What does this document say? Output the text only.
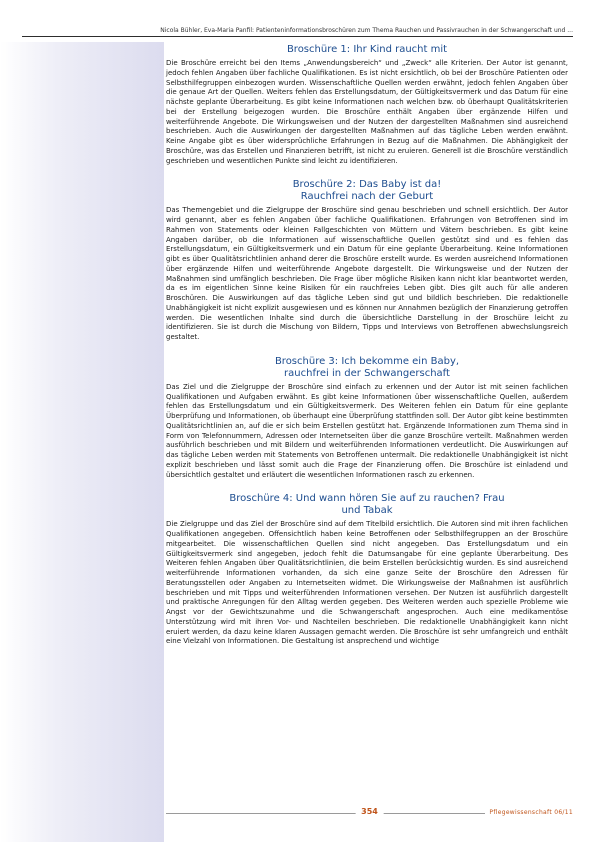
Nicola Bühler, Eva-Maria Panfil: Patienteninformationsbroschüren zum Thema Rauchen und Passivrauchen in der Schwangerschaft und ...
Broschüre 1: Ihr Kind raucht mit

Die Broschüre erreicht bei den Items „Anwendungsbereich“ und „Zweck“ alle Kriterien. Der Autor ist genannt, jedoch fehlen Angaben über fachliche Qualifikationen. Es ist nicht ersichtlich, ob bei der Broschüre Patienten oder Selbsthilfegruppen einbezogen wurden. Wissenschaftliche Quellen werden erwähnt, jedoch fehlen Angaben über die genaue Art der Quellen. Weiters fehlen das Erstellungsdatum, der Gültigkeitsvermerk und das Datum für eine nächste geplante Überarbeitung. Es gibt keine Informationen nach welchen bzw. ob überhaupt Qualitätskriterien bei der Erstellung beigezogen wurden. Die Broschüre enthält Angaben über ergänzende Hilfen und weiterführende Angebote. Die Wirkungsweisen und der Nutzen der dargestellten Maßnahmen sind ausreichend beschrieben. Auch die Auswirkungen der dargestellten Maßnahmen auf das tägliche Leben werden erwähnt. Keine Angabe gibt es über widersprüchliche Erfahrungen in Bezug auf die Maßnahmen. Die Abhängigkeit der Broschüre, was das Erstellen und Finanzieren betrifft, ist nicht zu eruieren. Generell ist die Broschüre verständlich geschrieben und wesentlichen Punkte sind leicht zu identifizieren.

Broschüre 2: Das Baby ist da! Rauchfrei nach der Geburt

Das Themengebiet und die Zielgruppe der Broschüre sind genau beschrieben und schnell ersichtlich. Der Autor wird genannt, aber es fehlen Angaben über fachliche Qualifikationen. Erfahrungen von Betroffenen sind im Rahmen von Statements oder kleinen Fallgeschichten von Müttern und Vätern beschrieben. Es gibt keine Angaben darüber, ob die Informationen auf wissenschaftliche Quellen gestützt sind und es fehlen das Erstellungsdatum, ein Gültigkeitsvermerk und ein Datum für eine geplante Überarbeitung. Keine Informationen gibt es über Qualitätsrichtlinien anhand derer die Broschüre erstellt wurde. Es werden ausreichend Informationen über ergänzende Hilfen und weiterführende Angebote dargestellt. Die Wirkungsweise und der Nutzen der Maßnahmen sind umfänglich beschrieben. Die Frage über mögliche Risiken kann nicht klar beantwortet werden, da es im eigentlichen Sinne keine Risiken für ein rauchfreies Leben gibt. Dies gilt auch für alle anderen Broschüren. Die Auswirkungen auf das tägliche Leben sind gut und bildlich beschrieben. Die redaktionelle Unabhängigkeit ist nicht explizit ausgewiesen und es können nur Annahmen bezüglich der Finanzierung getroffen werden. Die wesentlichen Inhalte sind durch die übersichtliche Darstellung in der Broschüre leicht zu identifizieren. Sie ist durch die Mischung von Bildern, Tipps und Interviews von Betroffenen abwechslungsreich gestaltet.

Broschüre 3: Ich bekomme ein Baby, rauchfrei in der Schwangerschaft

Das Ziel und die Zielgruppe der Broschüre sind einfach zu erkennen und der Autor ist mit seinen fachlichen Qualifikationen und Aufgaben erwähnt. Es gibt keine Informationen über wissenschaftliche Quellen, außerdem fehlen das Erstellungsdatum und ein Gültigkeitsvermerk. Des Weiteren fehlen ein Datum für eine geplante Überprüfung und Informationen, ob überhaupt eine Überprüfung stattfinden soll. Der Autor gibt keine bestimmten Qualitätsrichtlinien an, auf die er sich beim Erstellen gestützt hat. Ergänzende Informationen zum Thema sind in Form von Telefonnummern, Adressen oder Internetseiten über die ganze Broschüre verteilt. Maßnahmen werden ausführlich beschrieben und mit Bildern und weiterführenden Informationen verdeutlicht. Die Auswirkungen auf das tägliche Leben werden mit Statements von Betroffenen untermalt. Die redaktionelle Unabhängigkeit ist nicht explizit beschrieben und lässt somit auch die Frage der Finanzierung offen. Die Broschüre ist einladend und übersichtlich gestaltet und erläutert die wesentlichen Informationen rasch zu erkennen.

Broschüre 4: Und wann hören Sie auf zu rauchen? Frau und Tabak

Die Zielgruppe und das Ziel der Broschüre sind auf dem Titelbild ersichtlich. Die Autoren sind mit ihren fachlichen Qualifikationen angegeben. Offensichtlich haben keine Betroffenen oder Selbsthilfegruppen an der Broschüre mitgearbeitet. Die wissenschaftlichen Quellen sind nicht angegeben. Das Erstellungsdatum und ein Gültigkeitsvermerk sind angegeben, jedoch fehlt die Datumsangabe für eine geplante Überarbeitung. Des Weiteren fehlen Angaben über Qualitätsrichtlinien, die beim Erstellen berücksichtig wurden. Es sind ausreichend weiterführende Informationen vorhanden, da sich eine ganze Seite der Broschüre den Adressen für Beratungsstellen oder Angaben zu Internetseiten widmet. Die Wirkungsweise der Maßnahmen ist ausführlich beschrieben und mit Tipps und weiterführenden Informationen versehen. Der Nutzen ist ausführlich dargestellt und praktische Anregungen für den Alltag werden gegeben. Des Weiteren werden auch spezielle Probleme wie Angst vor der Gewichtszunahme und die Schwangerschaft angesprochen. Auch eine medikamentöse Unterstützung wird mit ihren Vor- und Nachteilen beschrieben. Die redaktionelle Unabhängigkeit kann nicht eruiert werden, da dazu keine klaren Aussagen gemacht werden. Die Broschüre ist sehr umfangreich und enthält eine Vielzahl von Informationen. Die Gestaltung ist ansprechend und wichtige

354	Pflegewissenschaft 06/11
